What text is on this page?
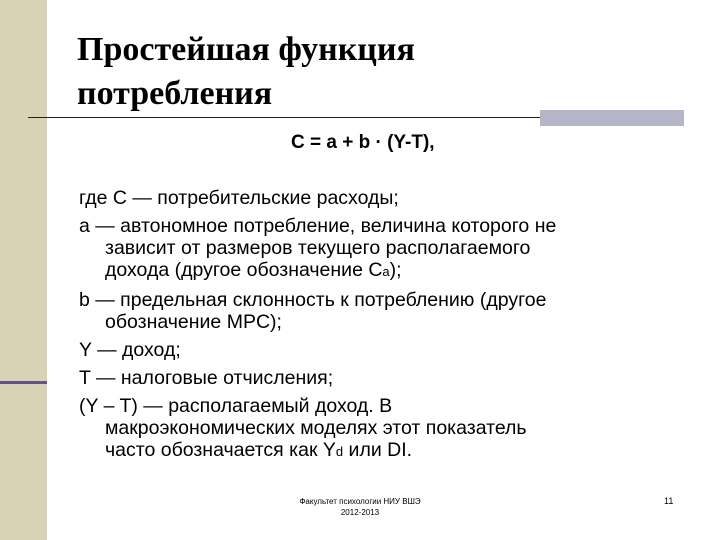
Простейшая функция
потребления
C = a + b · (Y-T),

где C — потребительские расходы;

a — автономное потребление, величина которого не
зависит от размеров текущего располагаемого
дохода (другое обозначение Ca);

b — предельная склонность к потреблению (другое
обозначение MPC);

Y — доход;

T — налоговые отчисления;

(Y – T) — располагаемый доход. В
макроэкономических моделях этот показатель
часто обозначается как Yd или DI.

Факультет психологии НИУ ВШЭ
2012-2013
11
